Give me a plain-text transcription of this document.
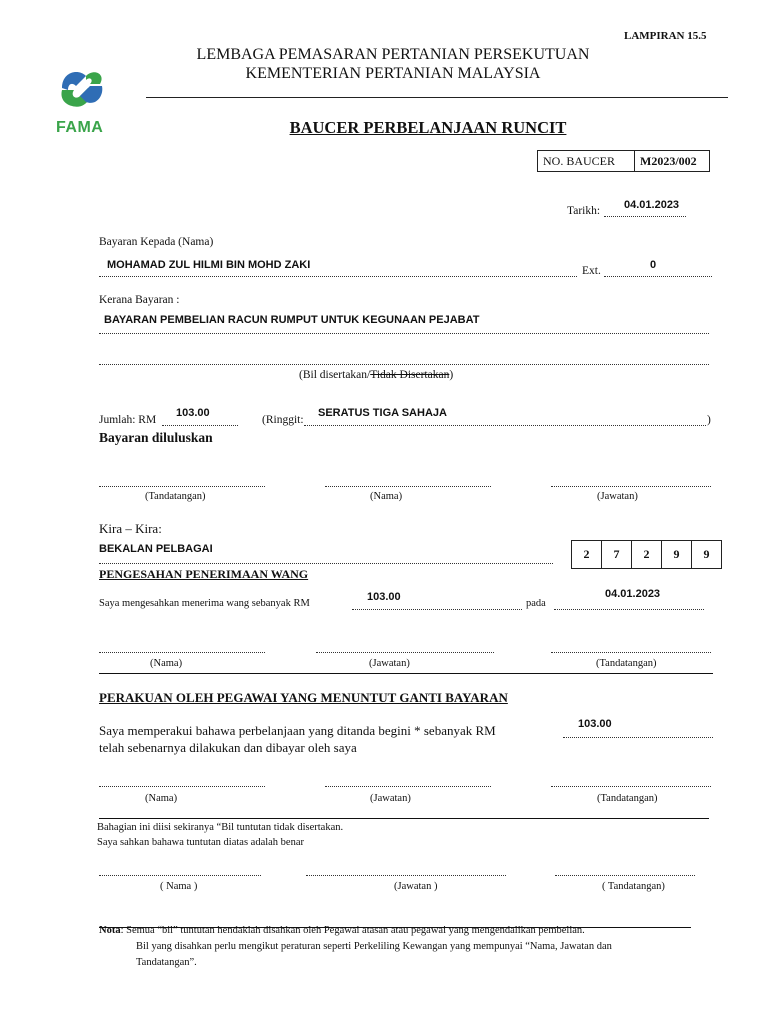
LAMPIRAN 15.5
FAMA
LEMBAGA PEMASARAN PERTANIAN PERSEKUTUAN
KEMENTERIAN PERTANIAN MALAYSIA
BAUCER PERBELANJAAN RUNCIT
NO. BAUCER	M2023/002
Tarikh: 04.01.2023
Bayaran Kepada (Nama)
MOHAMAD ZUL HILMI BIN MOHD ZAKI	Ext.	0
Kerana Bayaran :
BAYARAN PEMBELIAN RACUN RUMPUT UNTUK KEGUNAAN PEJABAT
(Bil disertakan/Tidak Disertakan)
Jumlah: RM
103.00
(Ringgit:
SERATUS TIGA SAHAJA
)
Bayaran diluluskan
(Tandatangan)	(Nama)	(Jawatan)
Kira – Kira:
BEKALAN PELBAGAI	2	7	2	9	9
PENGESAHAN PENERIMAAN WANG
Saya mengesahkan menerima wang sebanyak RM
103.00
pada
04.01.2023
(Nama)	(Jawatan)	(Tandatangan)
PERAKUAN OLEH PEGAWAI YANG MENUNTUT GANTI BAYARAN
Saya memperakui bahawa perbelanjaan yang ditanda begini * sebanyak RM	103.00
telah sebenarnya dilakukan dan dibayar oleh saya
(Nama)	(Jawatan)	(Tandatangan)
Bahagian ini diisi sekiranya “Bil tuntutan tidak disertakan.
Saya sahkan bahawa tuntutan diatas adalah benar
( Nama )	(Jawatan )	( Tandatangan)
Nota: Semua “bil” tuntutan hendaklah disahkan oleh Pegawai atasan atau pegawai yang mengendalikan pembelian.
Bil yang disahkan perlu mengikut peraturan seperti Perkeliling Kewangan yang mempunyai “Nama, Jawatan dan
Tandatangan”.
